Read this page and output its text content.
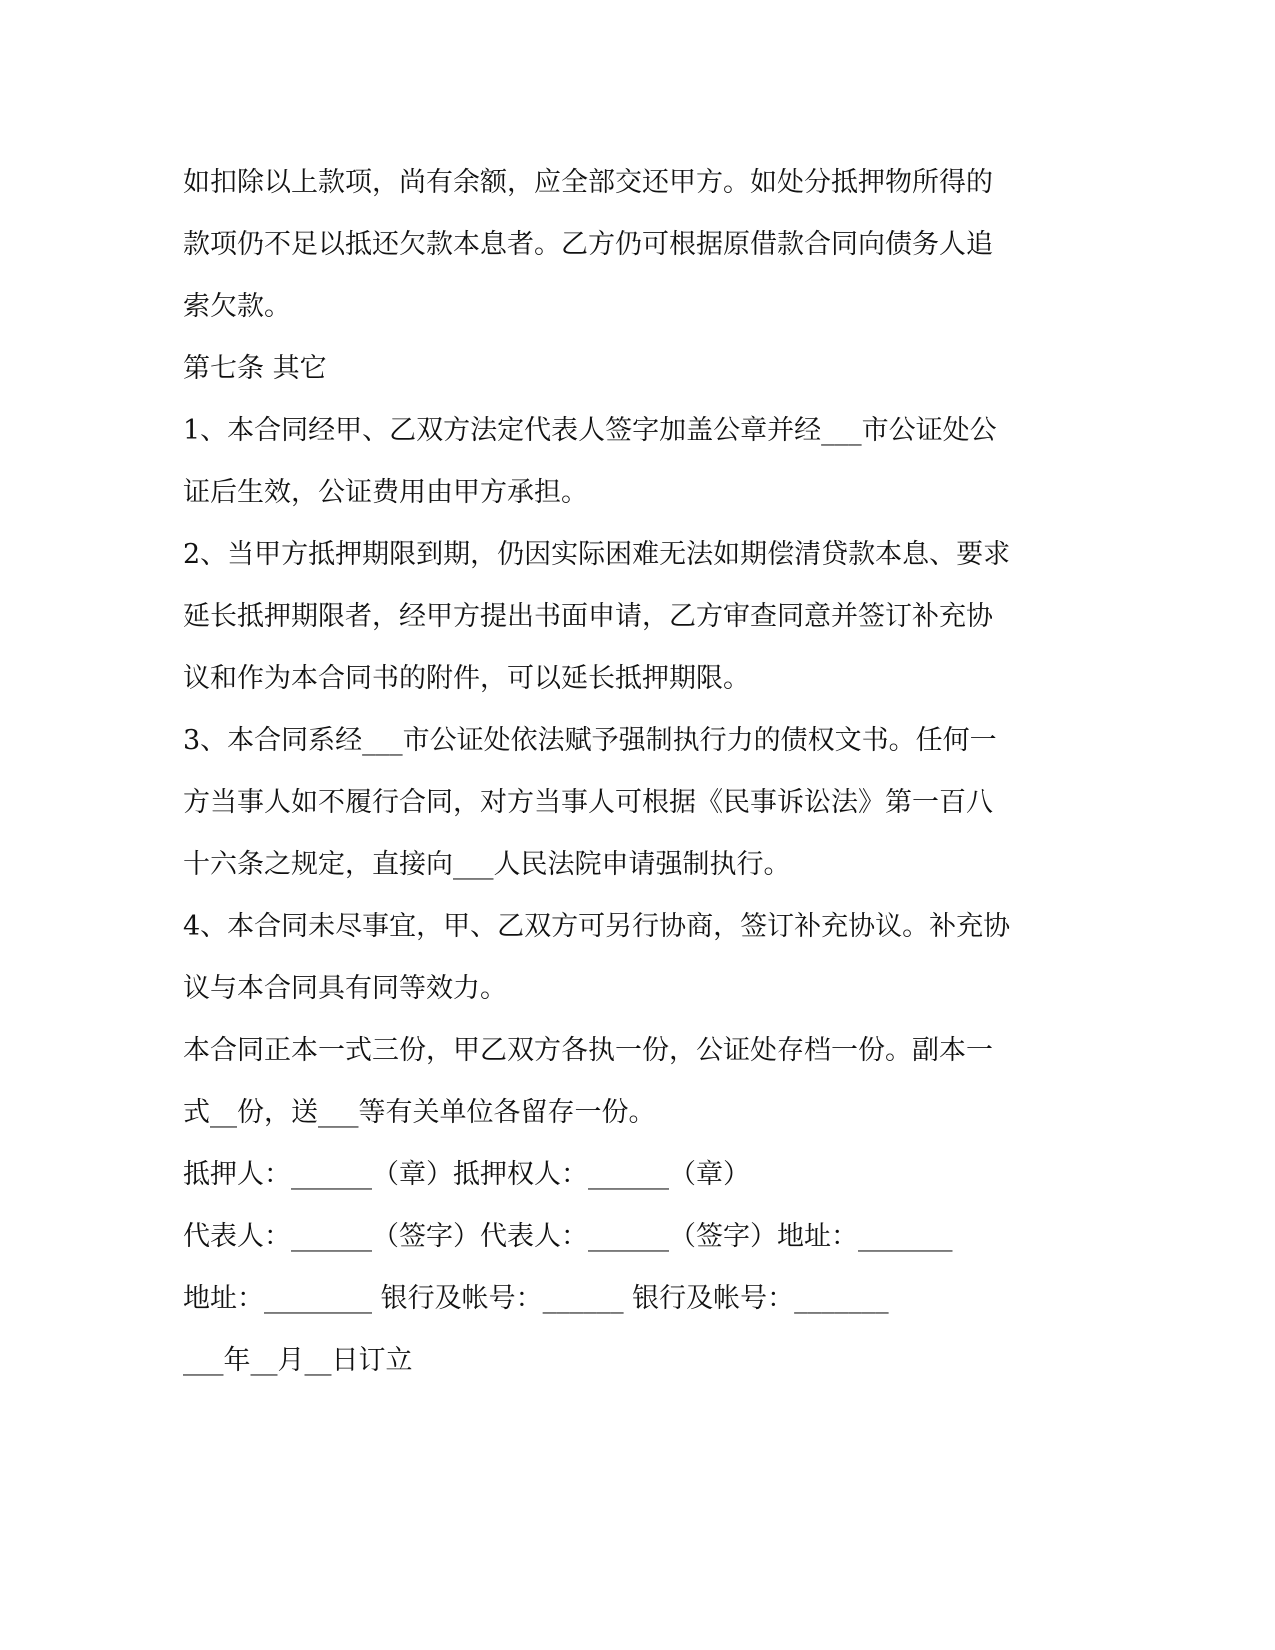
如扣除以上款项，尚有余额，应全部交还甲方。如处分抵押物所得的
款项仍不足以抵还欠款本息者。乙方仍可根据原借款合同向债务人追
索欠款。
第七条 其它
1、本合同经甲、乙双方法定代表人签字加盖公章并经___市公证处公
证后生效，公证费用由甲方承担。
2、当甲方抵押期限到期，仍因实际困难无法如期偿清贷款本息、要求
延长抵押期限者，经甲方提出书面申请，乙方审查同意并签订补充协
议和作为本合同书的附件，可以延长抵押期限。
3、本合同系经___市公证处依法赋予强制执行力的债权文书。任何一
方当事人如不履行合同，对方当事人可根据《民事诉讼法》第一百八
十六条之规定，直接向___人民法院申请强制执行。
4、本合同未尽事宜，甲、乙双方可另行协商，签订补充协议。补充协
议与本合同具有同等效力。
本合同正本一式三份，甲乙双方各执一份，公证处存档一份。副本一
式__份，送___等有关单位各留存一份。
抵押人：______（章）抵押权人：______（章）
代表人：______（签字）代表人：______（签字）地址：_______
地址：________ 银行及帐号：______ 银行及帐号：_______
___年__月__日订立
